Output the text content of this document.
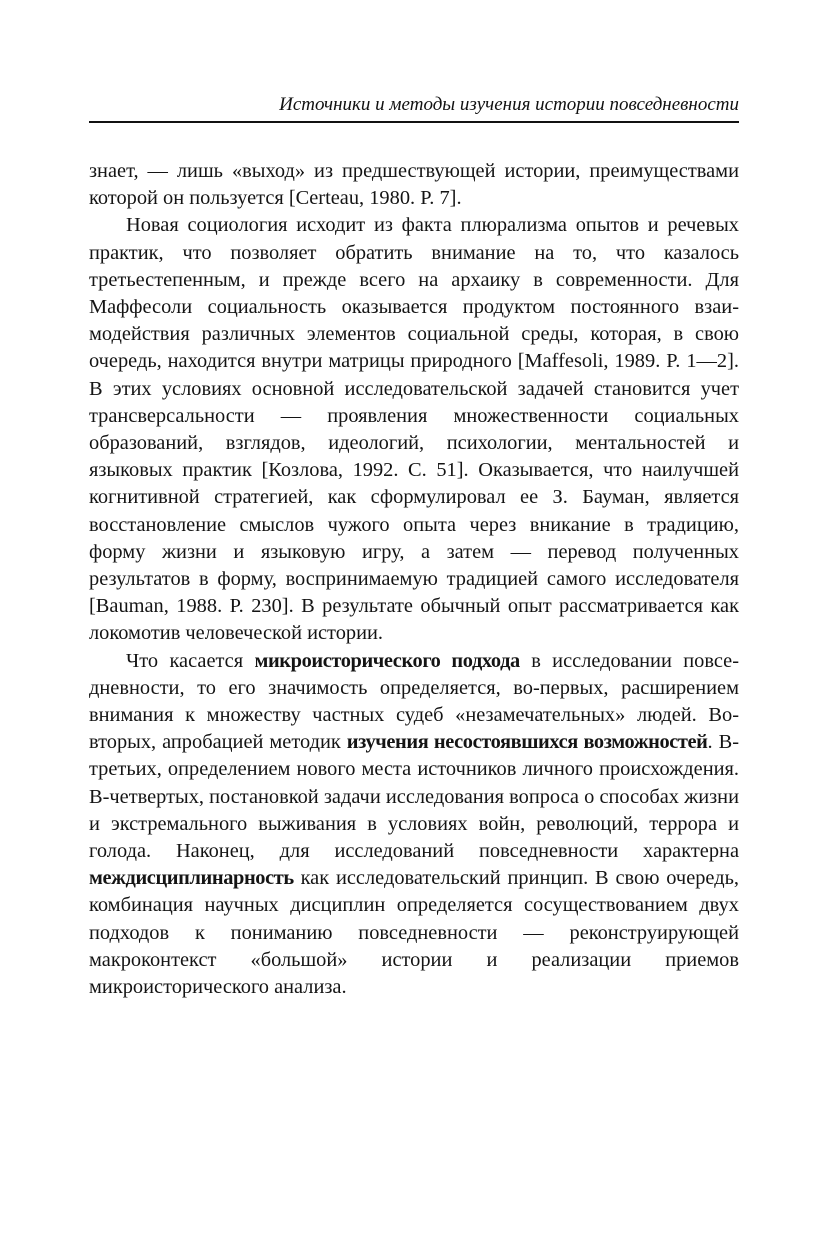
Источники и методы изучения истории повседневности

знает, — лишь «выход» из предшествующей истории, преимуществами которой он пользуется [Certeau, 1980. P. 7].

Новая социология исходит из факта плюрализма опытов и речевых практик, что позволяет обратить внимание на то, что казалось третьестепенным, и прежде всего на архаику в современности. Для Маффесоли социальность оказывается продуктом постоянного взаимодействия различных элементов социальной среды, которая, в свою очередь, находится внутри матрицы природного [Maffesoli, 1989. P. 1—2]. В этих условиях основной исследовательской задачей становится учет трансверсальности — проявления множественности социальных образований, взглядов, идеологий, психологии, ментальностей и языковых практик [Козлова, 1992. С. 51]. Оказывается, что наилучшей когнитивной стратегией, как сформулировал ее З. Бауман, является восстановление смыслов чужого опыта через вникание в традицию, форму жизни и языковую игру, а затем — перевод полученных результатов в форму, воспринимаемую традицией самого исследователя [Bauman, 1988. P. 230]. В результате обычный опыт рассматривается как локомотив человеческой истории.

Что касается микроисторического подхода в исследовании повседневности, то его значимость определяется, во-первых, расширением внимания к множеству частных судеб «незамечательных» людей. Во-вторых, апробацией методик изучения несостоявшихся возможностей. В-третьих, определением нового места источников личного происхождения. В-четвертых, постановкой задачи исследования вопроса о способах жизни и экстремального выживания в условиях войн, революций, террора и голода. Наконец, для исследований повседневности характерна междисциплинарность как исследовательский принцип. В свою очередь, комбинация научных дисциплин определяется сосуществованием двух подходов к пониманию повседневности — реконструирующей макроконтекст «большой» истории и реализации приемов микроисторического анализа.
